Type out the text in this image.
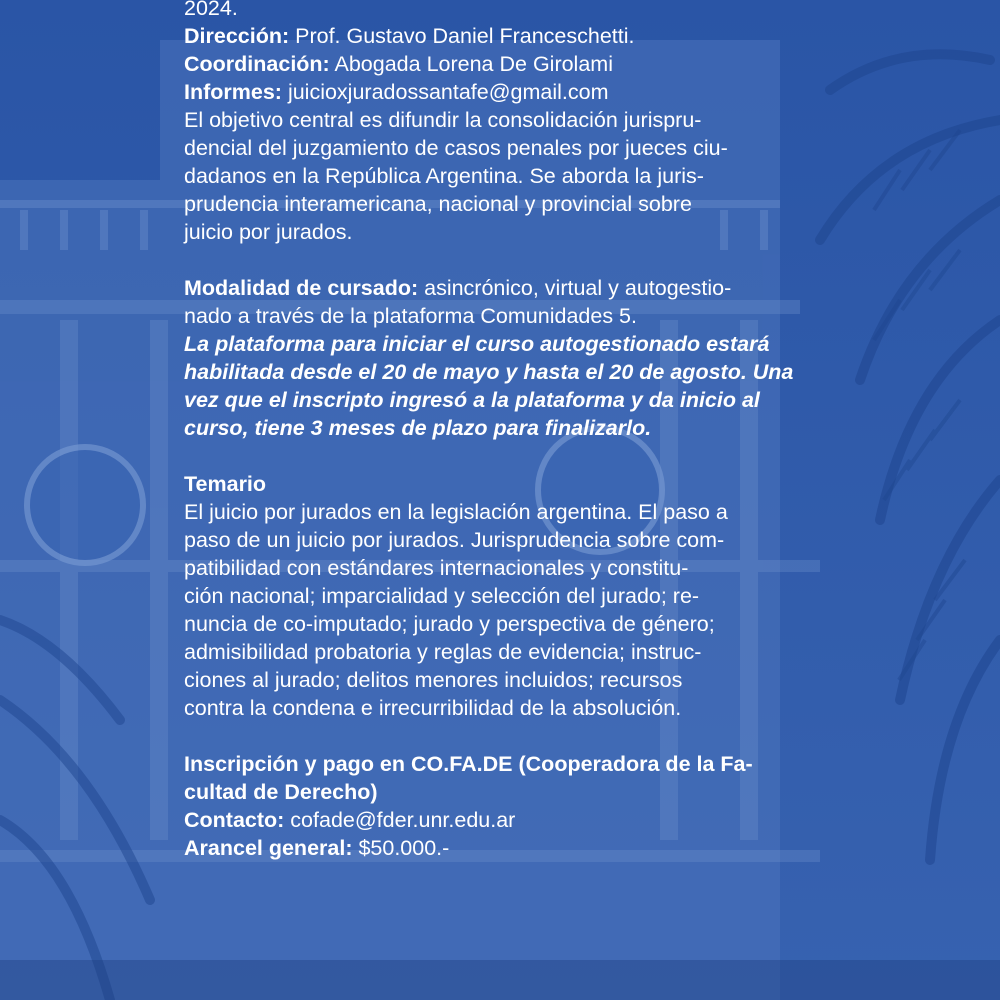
2024.
Dirección: Prof. Gustavo Daniel Franceschetti.
Coordinación: Abogada Lorena De Girolami
Informes: juicioxjuradossantafe@gmail.com
El objetivo central es difundir la consolidación jurispru-
dencial del juzgamiento de casos penales por jueces ciu-
dadanos en la República Argentina. Se aborda la juris-
prudencia interamericana, nacional y provincial sobre
juicio por jurados.
Modalidad de cursado: asincrónico, virtual y autogestio-
nado a través de la plataforma Comunidades 5.
La plataforma para iniciar el curso autogestionado estará
habilitada desde el 20 de mayo y hasta el 20 de agosto. Una
vez que el inscripto ingresó a la plataforma y da inicio al
curso, tiene 3 meses de plazo para finalizarlo.
Temario
El juicio por jurados en la legislación argentina. El paso a
paso de un juicio por jurados. Jurisprudencia sobre com-
patibilidad con estándares internacionales y constitu-
ción nacional; imparcialidad y selección del jurado; re-
nuncia de co-imputado; jurado y perspectiva de género;
admisibilidad probatoria y reglas de evidencia; instruc-
ciones al jurado; delitos menores incluidos; recursos
contra la condena e irrecurribilidad de la absolución.
Inscripción y pago en CO.FA.DE (Cooperadora de la Fa-
cultad de Derecho)
Contacto: cofade@fder.unr.edu.ar
Arancel general: $50.000.-
